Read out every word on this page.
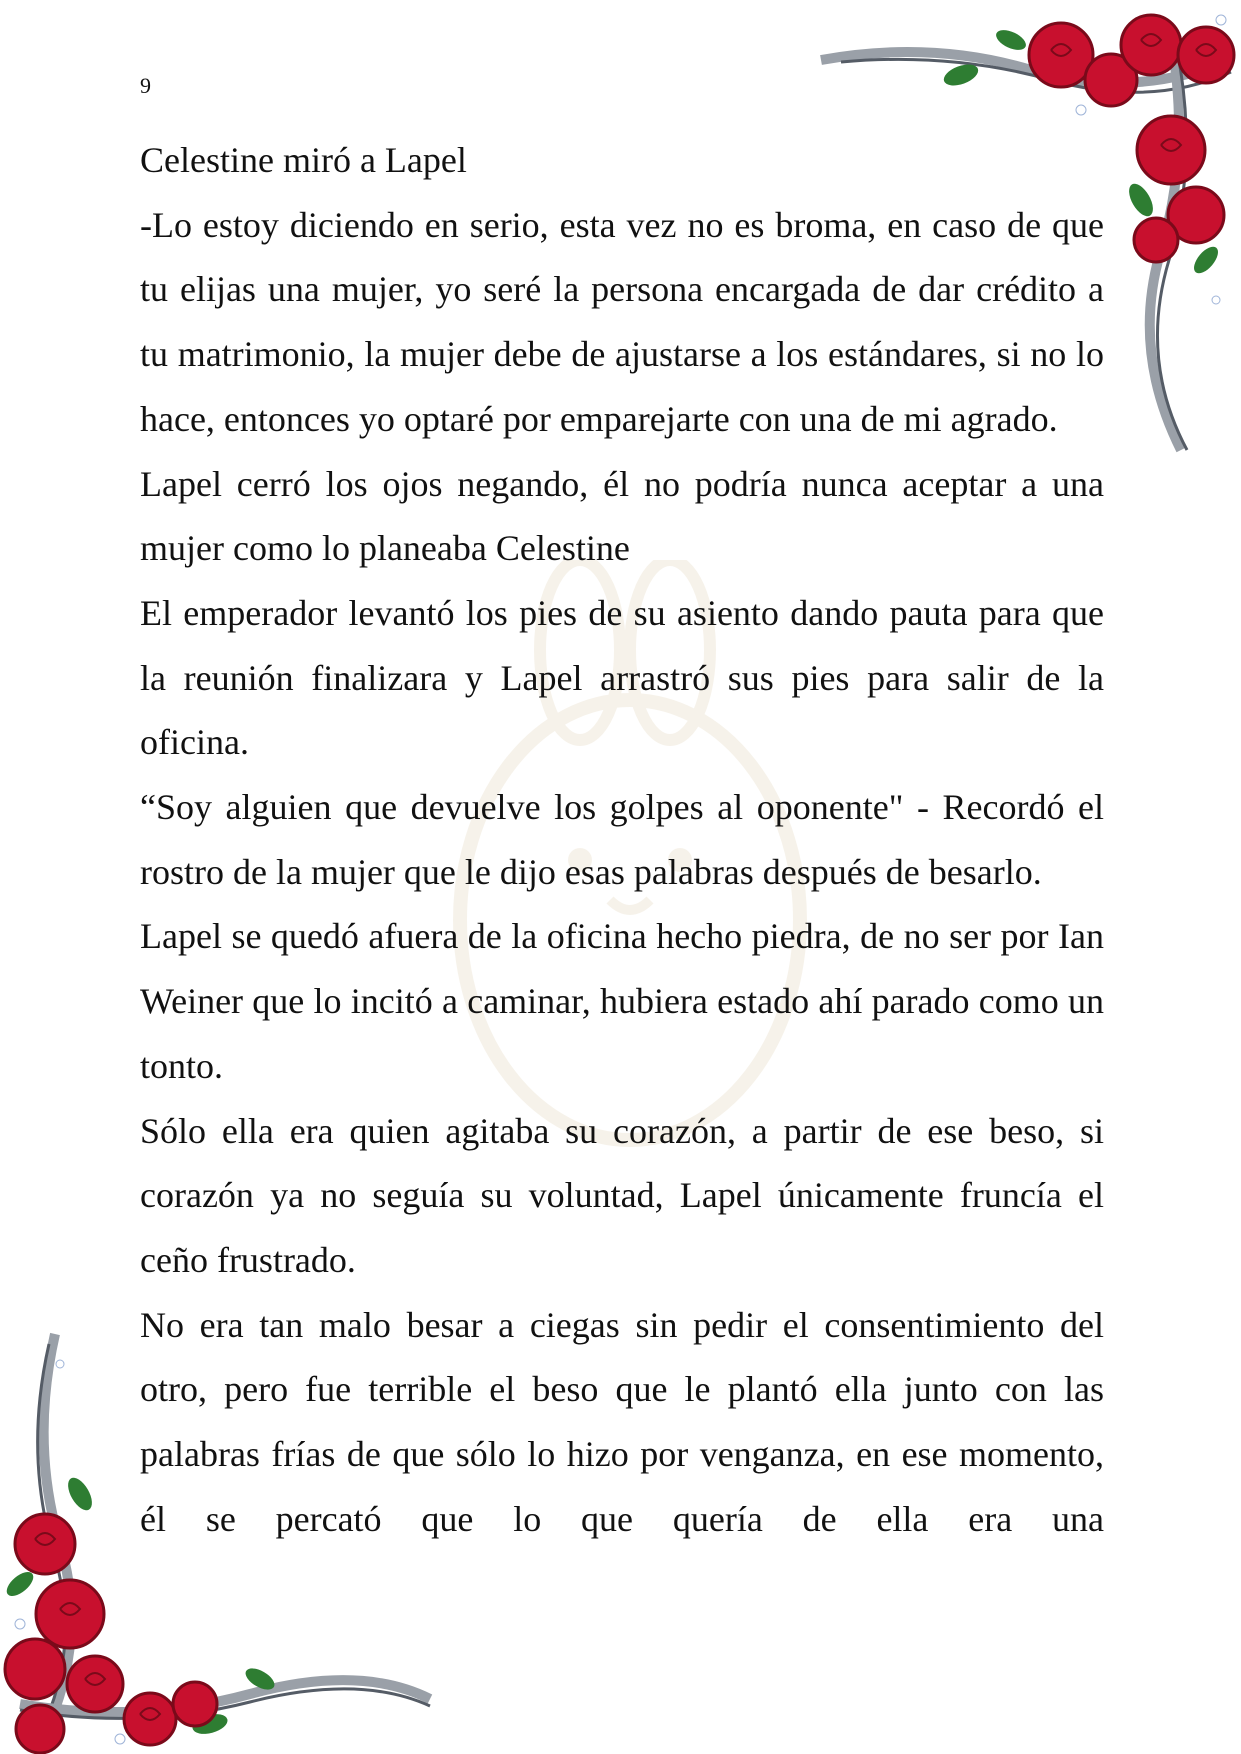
9

Celestine miró a Lapel

-Lo estoy diciendo en serio, esta vez no es broma, en caso de que tu elijas una mujer, yo seré la persona encargada de dar crédito a tu matrimonio, la mujer debe de ajustarse a los estándares, si no lo hace, entonces yo optaré por emparejarte con una de mi agrado.

Lapel cerró los ojos negando, él no podría nunca aceptar a una mujer como lo planeaba Celestine

El emperador levantó los pies de su asiento dando pauta para que la reunión finalizara y Lapel arrastró sus pies para salir de la oficina.

“Soy alguien que devuelve los golpes al oponente" - Recordó el rostro de la mujer que le dijo esas palabras después de besarlo.

Lapel se quedó afuera de la oficina hecho piedra, de no ser por Ian Weiner que lo incitó a caminar, hubiera estado ahí parado como un tonto.

Sólo ella era quien agitaba su corazón, a partir de ese beso, si corazón ya no seguía su voluntad, Lapel únicamente fruncía el ceño frustrado.

No era tan malo besar a ciegas sin pedir el consentimiento del otro, pero fue terrible el beso que le plantó ella junto con las palabras frías de que sólo lo hizo por venganza, en ese momento, él se percató que lo que quería de ella era una
